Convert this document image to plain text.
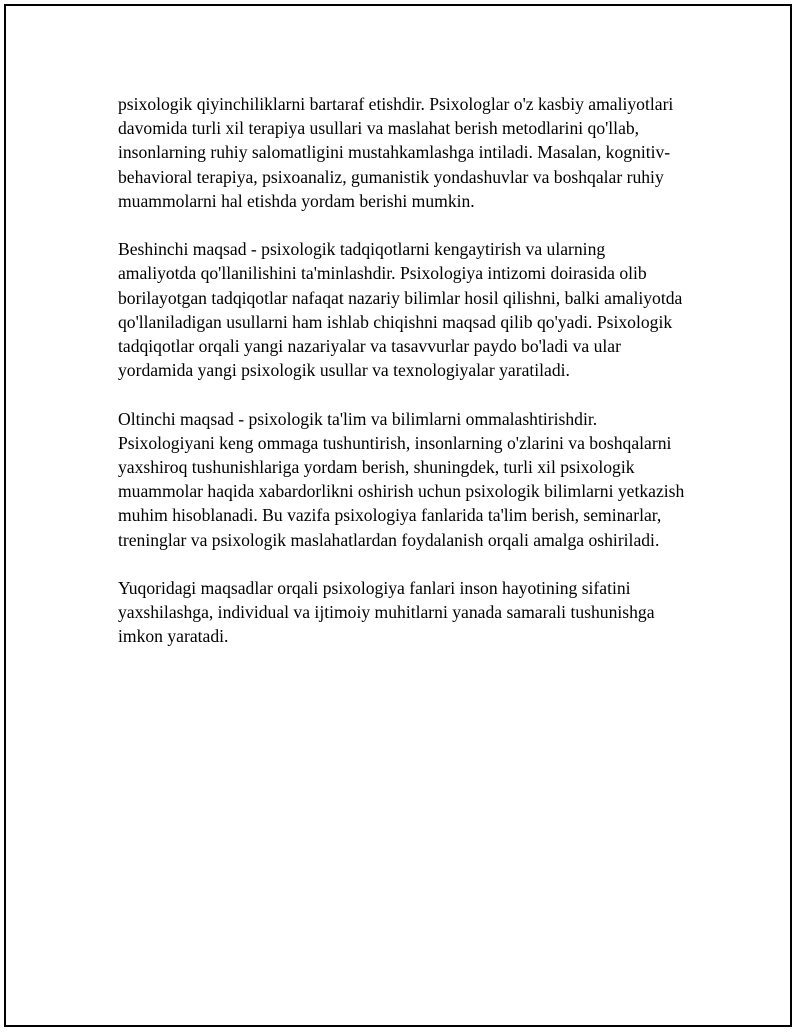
psixologik qiyinchiliklarni bartaraf etishdir. Psixologlar o'z kasbiy amaliyotlari davomida turli xil terapiya usullari va maslahat berish metodlarini qo'llab, insonlarning ruhiy salomatligini mustahkamlashga intiladi. Masalan, kognitiv-behavioral terapiya, psixoanaliz, gumanistik yondashuvlar va boshqalar ruhiy muammolarni hal etishda yordam berishi mumkin.

Beshinchi maqsad - psixologik tadqiqotlarni kengaytirish va ularning amaliyotda qo'llanilishini ta'minlashdir. Psixologiya intizomi doirasida olib borilayotgan tadqiqotlar nafaqat nazariy bilimlar hosil qilishni, balki amaliyotda qo'llaniladigan usullarni ham ishlab chiqishni maqsad qilib qo'yadi. Psixologik tadqiqotlar orqali yangi nazariyalar va tasavvurlar paydo bo'ladi va ular yordamida yangi psixologik usullar va texnologiyalar yaratiladi.

Oltinchi maqsad - psixologik ta'lim va bilimlarni ommalashtirishdir. Psixologiyani keng ommaga tushuntirish, insonlarning o'zlarini va boshqalarni yaxshiroq tushunishlariga yordam berish, shuningdek, turli xil psixologik muammolar haqida xabardorlikni oshirish uchun psixologik bilimlarni yetkazish muhim hisoblanadi. Bu vazifa psixologiya fanlarida ta'lim berish, seminarlar, treninglar va psixologik maslahatlardan foydalanish orqali amalga oshiriladi.

Yuqoridagi maqsadlar orqali psixologiya fanlari inson hayotining sifatini yaxshilashga, individual va ijtimoiy muhitlarni yanada samarali tushunishga imkon yaratadi.
